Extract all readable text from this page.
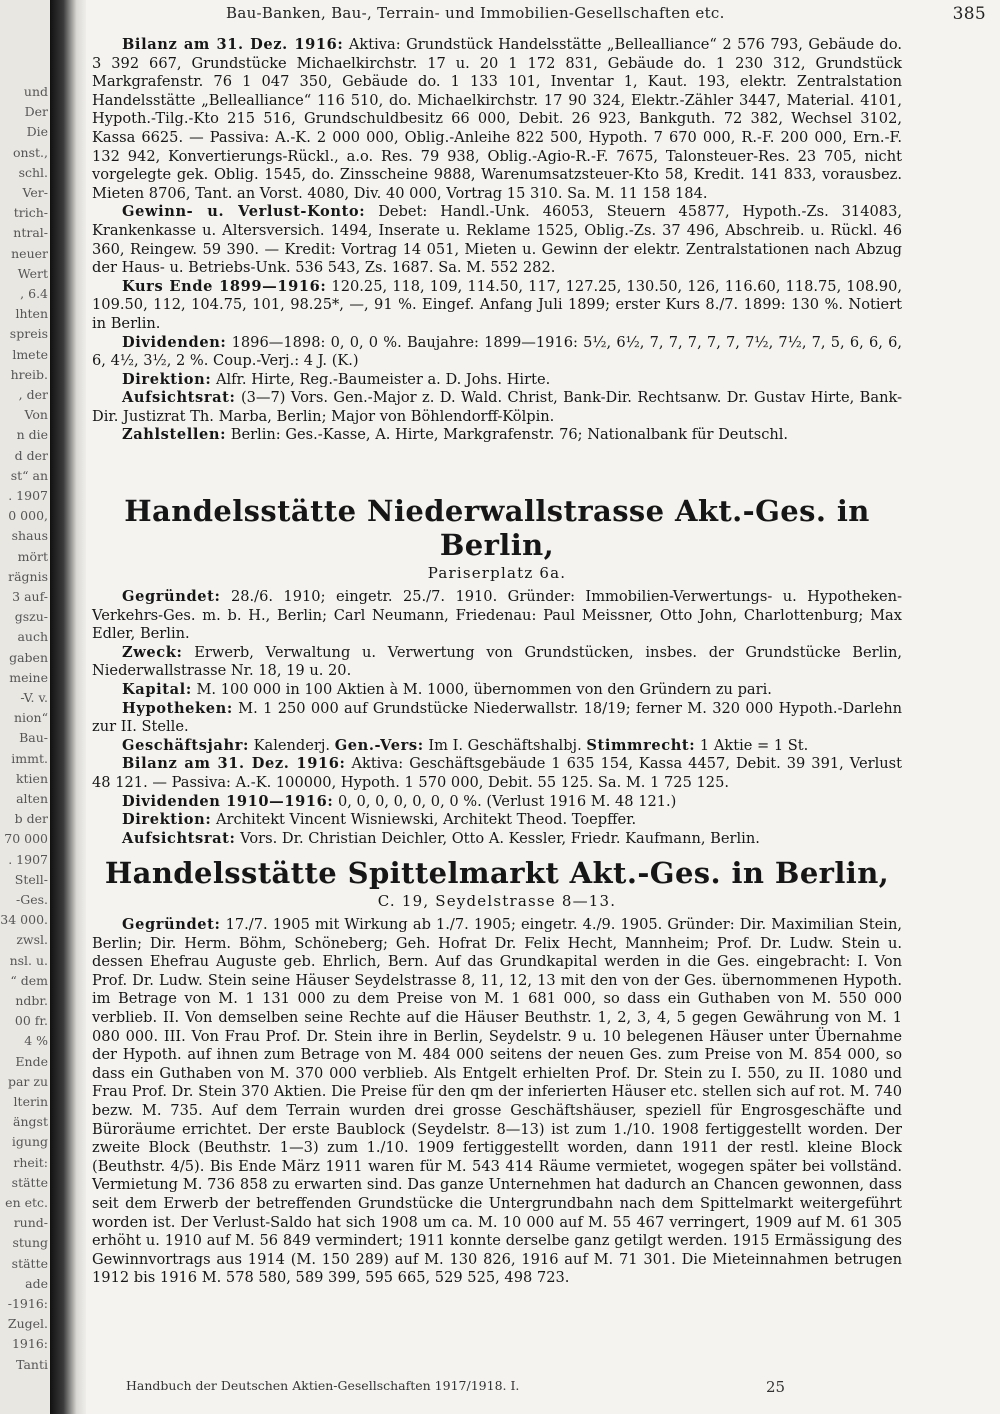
und
Der
Die
onst.,
schl.
Ver-
trich-
ntral-
neuer
Wert
, 6.4
lhten
spreis
lmete
hreib.
, der
Von
n die
d der
st“ an
. 1907
0 000,
shaus
mört
rägnis
3 auf-
gszu-
auch
gaben
meine
-V. v.
nion“
Bau-
immt.
ktien
alten
b der
70 000
. 1907
Stell-
-Ges.
34 000.
zwsl.
nsl. u.
“ dem
ndbr.
00 fr.
4 %
Ende
par zu
lterin
ängst
igung
rheit:
stätte
en etc.
rund-
stung
stätte
ade
-1916:
Zugel.
1916:
Tanti
Bau-Banken, Bau-, Terrain- und Immobilien-Gesellschaften etc.	385

Bilanz am 31. Dez. 1916: Aktiva: Grundstück Handelsstätte „Bellealliance“ 2 576 793, Gebäude do. 3 392 667, Grundstücke Michaelkirchstr. 17 u. 20 1 172 831, Gebäude do. 1 230 312, Grundstück Markgrafenstr. 76 1 047 350, Gebäude do. 1 133 101, Inventar 1, Kaut. 193, elektr. Zentralstation Handelsstätte „Bellealliance“ 116 510, do. Michaelkirchstr. 17 90 324, Elektr.-Zähler 3447, Material. 4101, Hypoth.-Tilg.-Kto 215 516, Grundschuldbesitz 66 000, Debit. 26 923, Bankguth. 72 382, Wechsel 3102, Kassa 6625. — Passiva: A.-K. 2 000 000, Oblig.-Anleihe 822 500, Hypoth. 7 670 000, R.-F. 200 000, Ern.-F. 132 942, Konvertierungs-Rückl., a.o. Res. 79 938, Oblig.-Agio-R.-F. 7675, Talonsteuer-Res. 23 705, nicht vorgelegte gek. Oblig. 1545, do. Zinsscheine 9888, Warenumsatzsteuer-Kto 58, Kredit. 141 833, vorausbez. Mieten 8706, Tant. an Vorst. 4080, Div. 40 000, Vortrag 15 310. Sa. M. 11 158 184.

Gewinn- u. Verlust-Konto: Debet: Handl.-Unk. 46053, Steuern 45877, Hypoth.-Zs. 314083, Krankenkasse u. Altersversich. 1494, Inserate u. Reklame 1525, Oblig.-Zs. 37 496, Abschreib. u. Rückl. 46 360, Reingew. 59 390. — Kredit: Vortrag 14 051, Mieten u. Gewinn der elektr. Zentralstationen nach Abzug der Haus- u. Betriebs-Unk. 536 543, Zs. 1687. Sa. M. 552 282.

Kurs Ende 1899—1916: 120.25, 118, 109, 114.50, 117, 127.25, 130.50, 126, 116.60, 118.75, 108.90, 109.50, 112, 104.75, 101, 98.25*, —, 91 %. Eingef. Anfang Juli 1899; erster Kurs 8./7. 1899: 130 %. Notiert in Berlin.

Dividenden: 1896—1898: 0, 0, 0 %. Baujahre: 1899—1916: 5½, 6½, 7, 7, 7, 7, 7, 7½, 7½, 7, 5, 6, 6, 6, 6, 4½, 3½, 2 %. Coup.-Verj.: 4 J. (K.)

Direktion: Alfr. Hirte, Reg.-Baumeister a. D. Johs. Hirte.

Aufsichtsrat: (3—7) Vors. Gen.-Major z. D. Wald. Christ, Bank-Dir. Rechtsanw. Dr. Gustav Hirte, Bank-Dir. Justizrat Th. Marba, Berlin; Major von Böhlendorff-Kölpin.

Zahlstellen: Berlin: Ges.-Kasse, A. Hirte, Markgrafenstr. 76; Nationalbank für Deutschl.

Handelsstätte Niederwallstrasse Akt.-Ges. in Berlin,
Pariserplatz 6a.

Gegründet: 28./6. 1910; eingetr. 25./7. 1910. Gründer: Immobilien-Verwertungs- u. Hypotheken-Verkehrs-Ges. m. b. H., Berlin; Carl Neumann, Friedenau: Paul Meissner, Otto John, Charlottenburg; Max Edler, Berlin.

Zweck: Erwerb, Verwaltung u. Verwertung von Grundstücken, insbes. der Grundstücke Berlin, Niederwallstrasse Nr. 18, 19 u. 20.

Kapital: M. 100 000 in 100 Aktien à M. 1000, übernommen von den Gründern zu pari.

Hypotheken: M. 1 250 000 auf Grundstücke Niederwallstr. 18/19; ferner M. 320 000 Hypoth.-Darlehn zur II. Stelle.

Geschäftsjahr: Kalenderj. Gen.-Vers: Im I. Geschäftshalbj. Stimmrecht: 1 Aktie = 1 St.

Bilanz am 31. Dez. 1916: Aktiva: Geschäftsgebäude 1 635 154, Kassa 4457, Debit. 39 391, Verlust 48 121. — Passiva: A.-K. 100000, Hypoth. 1 570 000, Debit. 55 125. Sa. M. 1 725 125.

Dividenden 1910—1916: 0, 0, 0, 0, 0, 0, 0 %. (Verlust 1916 M. 48 121.)

Direktion: Architekt Vincent Wisniewski, Architekt Theod. Toepffer.

Aufsichtsrat: Vors. Dr. Christian Deichler, Otto A. Kessler, Friedr. Kaufmann, Berlin.

Handelsstätte Spittelmarkt Akt.-Ges. in Berlin,
C. 19, Seydelstrasse 8—13.

Gegründet: 17./7. 1905 mit Wirkung ab 1./7. 1905; eingetr. 4./9. 1905. Gründer: Dir. Maximilian Stein, Berlin; Dir. Herm. Böhm, Schöneberg; Geh. Hofrat Dr. Felix Hecht, Mannheim; Prof. Dr. Ludw. Stein u. dessen Ehefrau Auguste geb. Ehrlich, Bern. Auf das Grundkapital werden in die Ges. eingebracht: I. Von Prof. Dr. Ludw. Stein seine Häuser Seydelstrasse 8, 11, 12, 13 mit den von der Ges. übernommenen Hypoth. im Betrage von M. 1 131 000 zu dem Preise von M. 1 681 000, so dass ein Guthaben von M. 550 000 verblieb. II. Von demselben seine Rechte auf die Häuser Beuthstr. 1, 2, 3, 4, 5 gegen Gewährung von M. 1 080 000. III. Von Frau Prof. Dr. Stein ihre in Berlin, Seydelstr. 9 u. 10 belegenen Häuser unter Übernahme der Hypoth. auf ihnen zum Betrage von M. 484 000 seitens der neuen Ges. zum Preise von M. 854 000, so dass ein Guthaben von M. 370 000 verblieb. Als Entgelt erhielten Prof. Dr. Stein zu I. 550, zu II. 1080 und Frau Prof. Dr. Stein 370 Aktien. Die Preise für den qm der inferierten Häuser etc. stellen sich auf rot. M. 740 bezw. M. 735. Auf dem Terrain wurden drei grosse Geschäftshäuser, speziell für Engrosgeschäfte und Büroräume errichtet. Der erste Baublock (Seydelstr. 8—13) ist zum 1./10. 1908 fertiggestellt worden. Der zweite Block (Beuthstr. 1—3) zum 1./10. 1909 fertiggestellt worden, dann 1911 der restl. kleine Block (Beuthstr. 4/5). Bis Ende März 1911 waren für M. 543 414 Räume vermietet, wogegen später bei vollständ. Vermietung M. 736 858 zu erwarten sind. Das ganze Unternehmen hat dadurch an Chancen gewonnen, dass seit dem Erwerb der betreffenden Grundstücke die Untergrundbahn nach dem Spittelmarkt weitergeführt worden ist. Der Verlust-Saldo hat sich 1908 um ca. M. 10 000 auf M. 55 467 verringert, 1909 auf M. 61 305 erhöht u. 1910 auf M. 56 849 vermindert; 1911 konnte derselbe ganz getilgt werden. 1915 Ermässigung des Gewinnvortrags aus 1914 (M. 150 289) auf M. 130 826, 1916 auf M. 71 301. Die Mieteinnahmen betrugen 1912 bis 1916 M. 578 580, 589 399, 595 665, 529 525, 498 723.

Handbuch der Deutschen Aktien-Gesellschaften 1917/1918. I.	25
